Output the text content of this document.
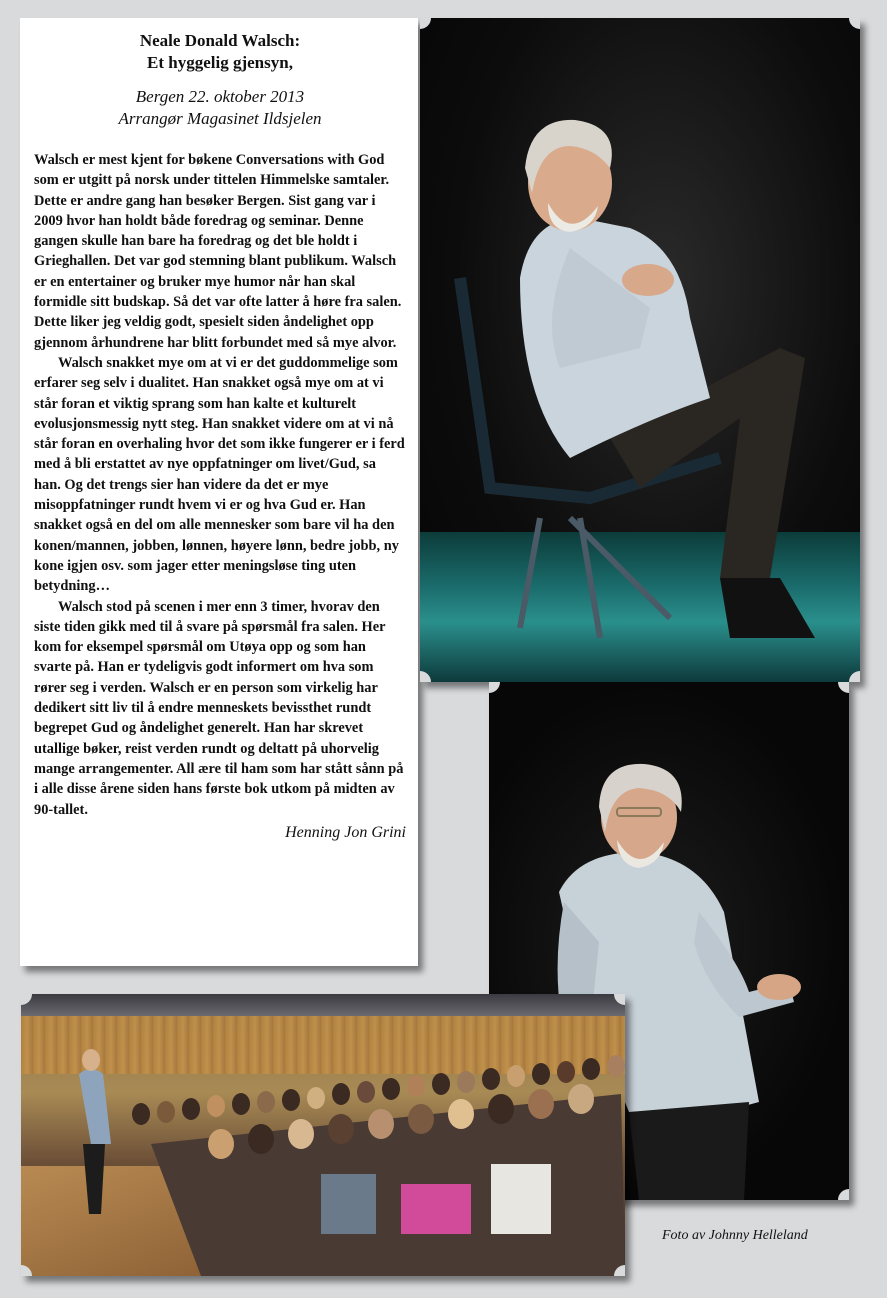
Neale Donald Walsch:
Et hyggelig gjensyn,
Bergen 22. oktober 2013
Arrangør Magasinet Ildsjelen

Walsch er mest kjent for bøkene Conversations with God som er utgitt på norsk under tittelen Himmelske samtaler. Dette er andre gang han besøker Bergen. Sist gang var i 2009 hvor han holdt både foredrag og seminar. Denne gangen skulle han bare ha foredrag og det ble holdt i Grieghallen. Det var god stemning blant publikum. Walsch er en entertainer og bruker mye humor når han skal formidle sitt budskap. Så det var ofte latter å høre fra salen. Dette liker jeg veldig godt, spesielt siden åndelighet opp gjennom århundrene har blitt forbundet med så mye alvor.

Walsch snakket mye om at vi er det guddommelige som erfarer seg selv i dualitet. Han snakket også mye om at vi står foran et viktig sprang som han kalte et kulturelt evolusjonsmessig nytt steg. Han snakket videre om at vi nå står foran en overhaling hvor det som ikke fungerer er i ferd med å bli erstattet av nye oppfatninger om livet/Gud, sa han. Og det trengs sier han videre da det er mye misoppfatninger rundt hvem vi er og hva Gud er. Han snakket også en del om alle mennesker som bare vil ha den konen/mannen, jobben, lønnen, høyere lønn, bedre jobb, ny kone igjen osv. som jager etter meningsløse ting uten betydning…

Walsch stod på scenen i mer enn 3 timer, hvorav den siste tiden gikk med til å svare på spørsmål fra salen. Her kom for eksempel spørsmål om Utøya opp og som han svarte på. Han er tydeligvis godt informert om hva som rører seg i verden. Walsch er en person som virkelig har dedikert sitt liv til å endre menneskets bevissthet rundt begrepet Gud og åndelighet generelt. Han har skrevet utallige bøker, reist verden rundt og deltatt på uhorvelig mange arrangementer. All ære til ham som har stått sånn på i alle disse årene siden hans første bok utkom på midten av 90-tallet.

Henning Jon Grini
Foto av Johnny Helleland
